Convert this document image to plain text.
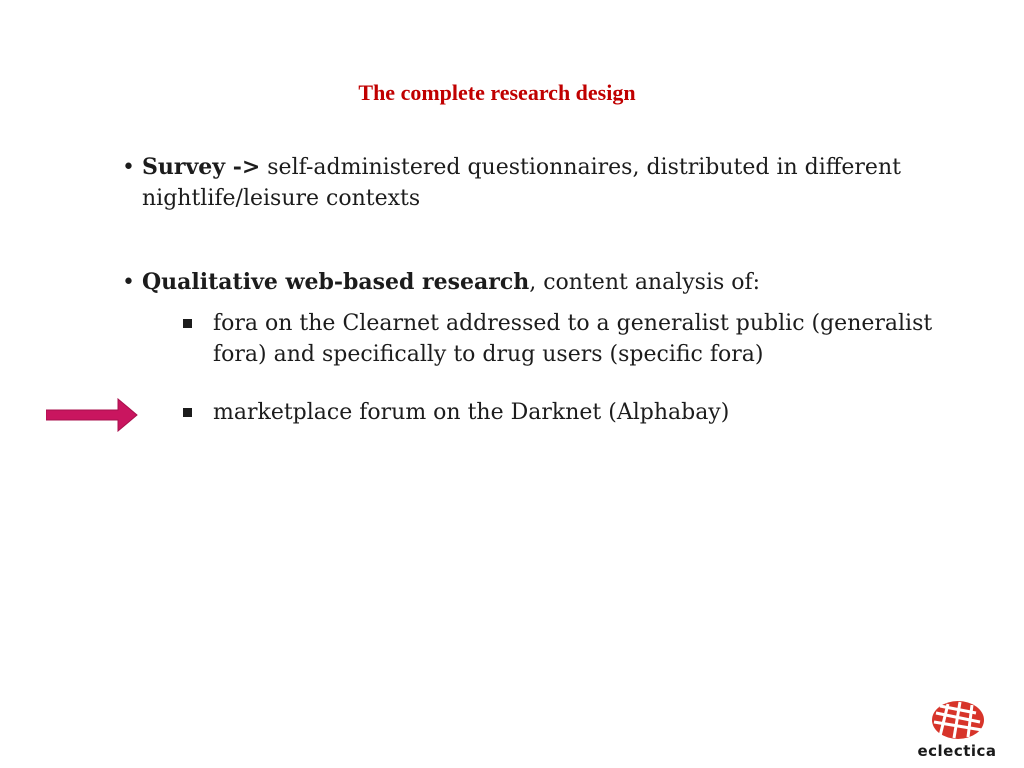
The complete research design
• Survey -> self-administered questionnaires, distributed in different nightlife/leisure contexts
• Qualitative web-based research, content analysis of:
fora on the Clearnet addressed to a generalist public (generalist fora) and specifically to drug users (specific fora)
marketplace forum on the Darknet (Alphabay)
eclectica
